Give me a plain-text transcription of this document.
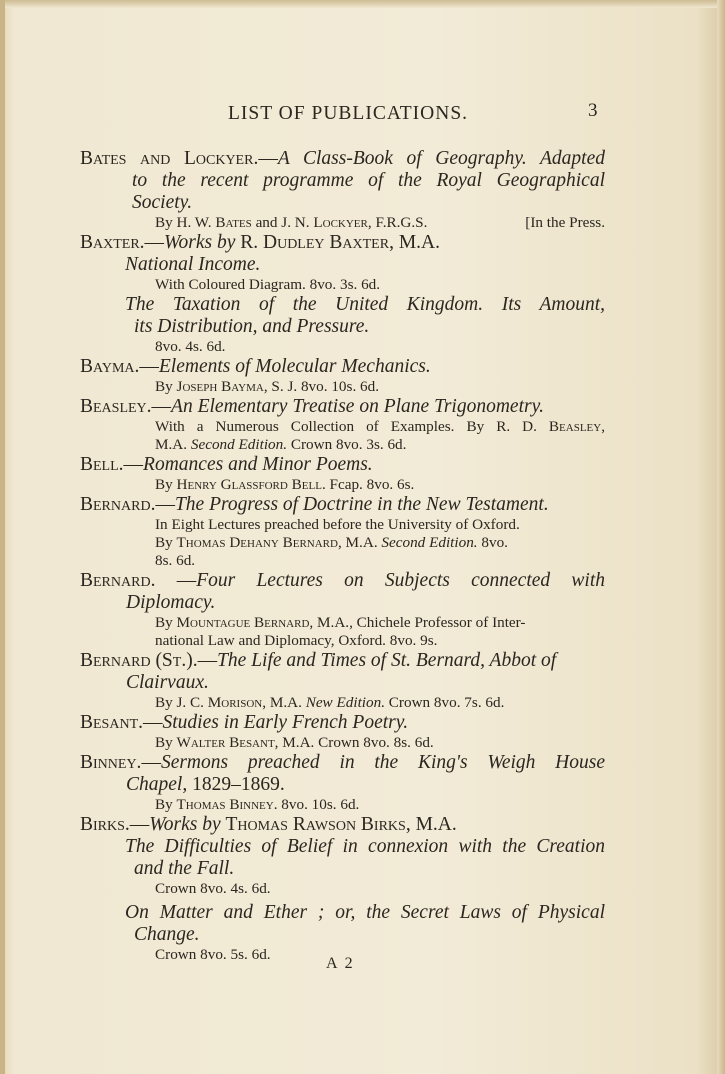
LIST OF PUBLICATIONS.	3

Bates and Lockyer.—A Class-Book of Geography. Adapted

to the recent programme of the Royal Geographical

Society.

By H. W. Bates and J. N. Lockyer, F.R.G.S.	[In the Press.

Baxter.—Works by R. Dudley Baxter, M.A.

National Income.

With Coloured Diagram. 8vo. 3s. 6d.

The Taxation of the United Kingdom. Its Amount,

its Distribution, and Pressure.

8vo. 4s. 6d.

Bayma.—Elements of Molecular Mechanics.

By Joseph Bayma, S. J. 8vo. 10s. 6d.

Beasley.—An Elementary Treatise on Plane Trigonometry.

With a Numerous Collection of Examples. By R. D. Beasley,

M.A. Second Edition. Crown 8vo. 3s. 6d.

Bell.—Romances and Minor Poems.

By Henry Glassford Bell. Fcap. 8vo. 6s.

Bernard.—The Progress of Doctrine in the New Testament.

In Eight Lectures preached before the University of Oxford.

By Thomas Dehany Bernard, M.A. Second Edition. 8vo.

8s. 6d.

Bernard. —Four Lectures on Subjects connected with

Diplomacy.

By Mountague Bernard, M.A., Chichele Professor of Inter-

national Law and Diplomacy, Oxford. 8vo. 9s.

Bernard (St.).—The Life and Times of St. Bernard, Abbot of

Clairvaux.

By J. C. Morison, M.A. New Edition. Crown 8vo. 7s. 6d.

Besant.—Studies in Early French Poetry.

By Walter Besant, M.A. Crown 8vo. 8s. 6d.

Binney.—Sermons preached in the King's Weigh House

Chapel, 1829–1869.

By Thomas Binney. 8vo. 10s. 6d.

Birks.—Works by Thomas Rawson Birks, M.A.

The Difficulties of Belief in connexion with the Creation

and the Fall.

Crown 8vo. 4s. 6d.

On Matter and Ether ; or, the Secret Laws of Physical

Change.

Crown 8vo. 5s. 6d.

A 2
